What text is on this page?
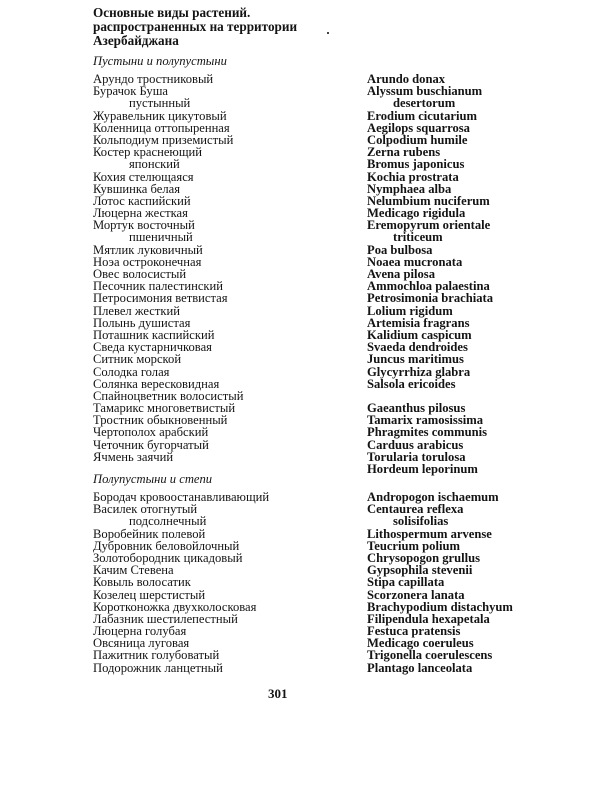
Основные виды растений.
распространенных на территории
Азербайджана
Пустыни и полупустыни
Арундо тростниковый
Бурачок Буша
пустынный
Журавельник цикутовый
Коленница оттопыренная
Кольподиум приземистый
Костер краснеющий
японский
Кохия стелющаяся
Кувшинка белая
Лотос каспийский
Люцерна жесткая
Мортук восточный
пшеничный
Мятлик луковичный
Ноэа остроконечная
Овес волосистый
Песочник палестинский
Петросимония ветвистая
Плевел жесткий
Полынь душистая
Поташник каспийский
Сведа кустарничковая
Ситник морской
Солодка голая
Солянка вересковидная
Спайноцветник волосистый
Тамарикс многоветвистый
Тростник обыкновенный
Чертополох арабский
Четочник бугорчатый
Ячмень заячий
Arundo donax
Alyssum buschianum
desertorum
Erodium cicutarium
Aegilops squarrosa
Colpodium humile
Zerna rubens
Bromus japonicus
Kochia prostrata
Nymphaea alba
Nelumbium nuciferum
Medicago rigidula
Eremopyrum orientale
triticeum
Poa bulbosa
Noaea mucronata
Avena pilosa
Ammochloa palaestina
Petrosimonia brachiata
Lolium rigidum
Artemisia fragrans
Kalidium caspicum
Svaeda dendroides
Juncus maritimus
Glycyrrhiza glabra
Salsola ericoides
Gaeanthus pilosus
Tamarix ramosissima
Phragmites communis
Carduus arabicus
Torularia torulosa
Hordeum leporinum
Полупустыни и степи
Бородач кровоостанавливающий
Василек отогнутый
подсолнечный
Воробейник полевой
Дубровник беловойлочный
Золотобородник цикадовый
Качим Стевена
Ковыль волосатик
Козелец шерстистый
Коротконожка двухколосковая
Лабазник шестилепестный
Люцерна голубая
Овсяница луговая
Пажитник голубоватый
Подорожник ланцетный
Andropogon ischaemum
Centaurea reflexa
solisifolias
Lithospermum arvense
Teucrium polium
Chrysopogon grullus
Gypsophila stevenii
Stipa capillata
Scorzonera lanata
Brachypodium distachyum
Filipendula hexapetala
Festuca pratensis
Medicago coeruleus
Trigonella coerulescens
Plantago lanceolata
301
